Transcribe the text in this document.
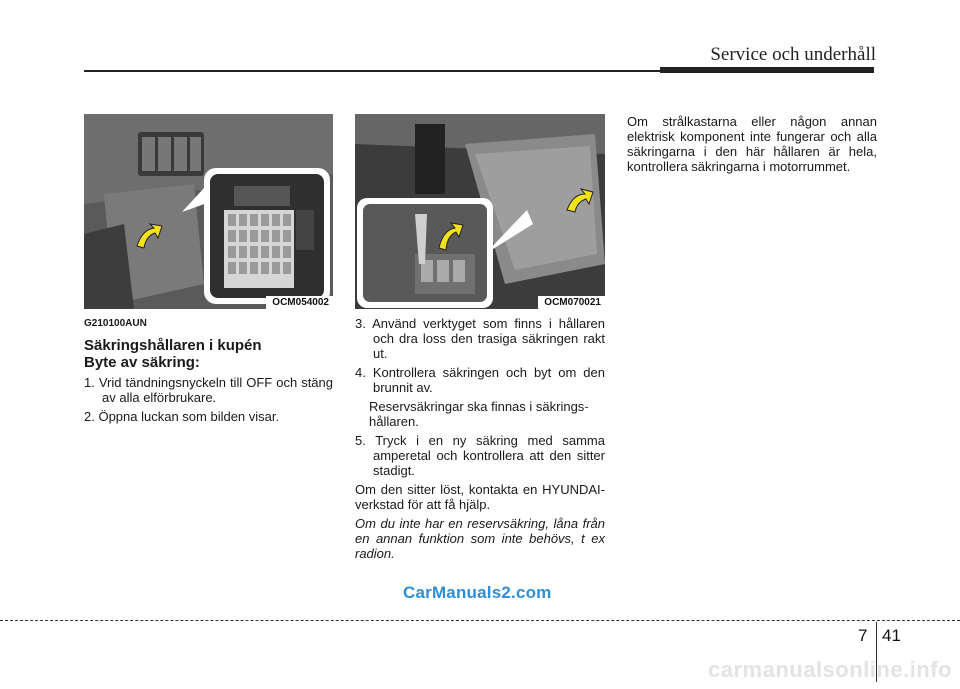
Service och underhåll
OCM054002	OCM070021

G210100AUN

Säkringshållaren i kupén

Byte av säkring:

1. Vrid tändningsnyckeln till OFF och stäng av alla elförbrukare.

2. Öppna luckan som bilden visar.

3. Använd verktyget som finns i hållaren och dra loss den trasiga säkringen rakt ut.

4. Kontrollera säkringen och byt om den brunnit av.

Reservsäkringar ska finnas i säkrings-
hållaren.

5. Tryck i en ny säkring med samma amperetal och kontrollera att den sitter stadigt.

Om den sitter löst, kontakta en HYUNDAI-verkstad för att få hjälp.

Om du inte har en reservsäkring, låna från en annan funktion som inte behövs, t ex radion.

Om strålkastarna eller någon annan elektrisk komponent inte fungerar och alla säkringarna i den här hållaren är hela, kontrollera säkringarna i motorrummet.

CarManuals2.com
7 41
carmanualsonline.info
